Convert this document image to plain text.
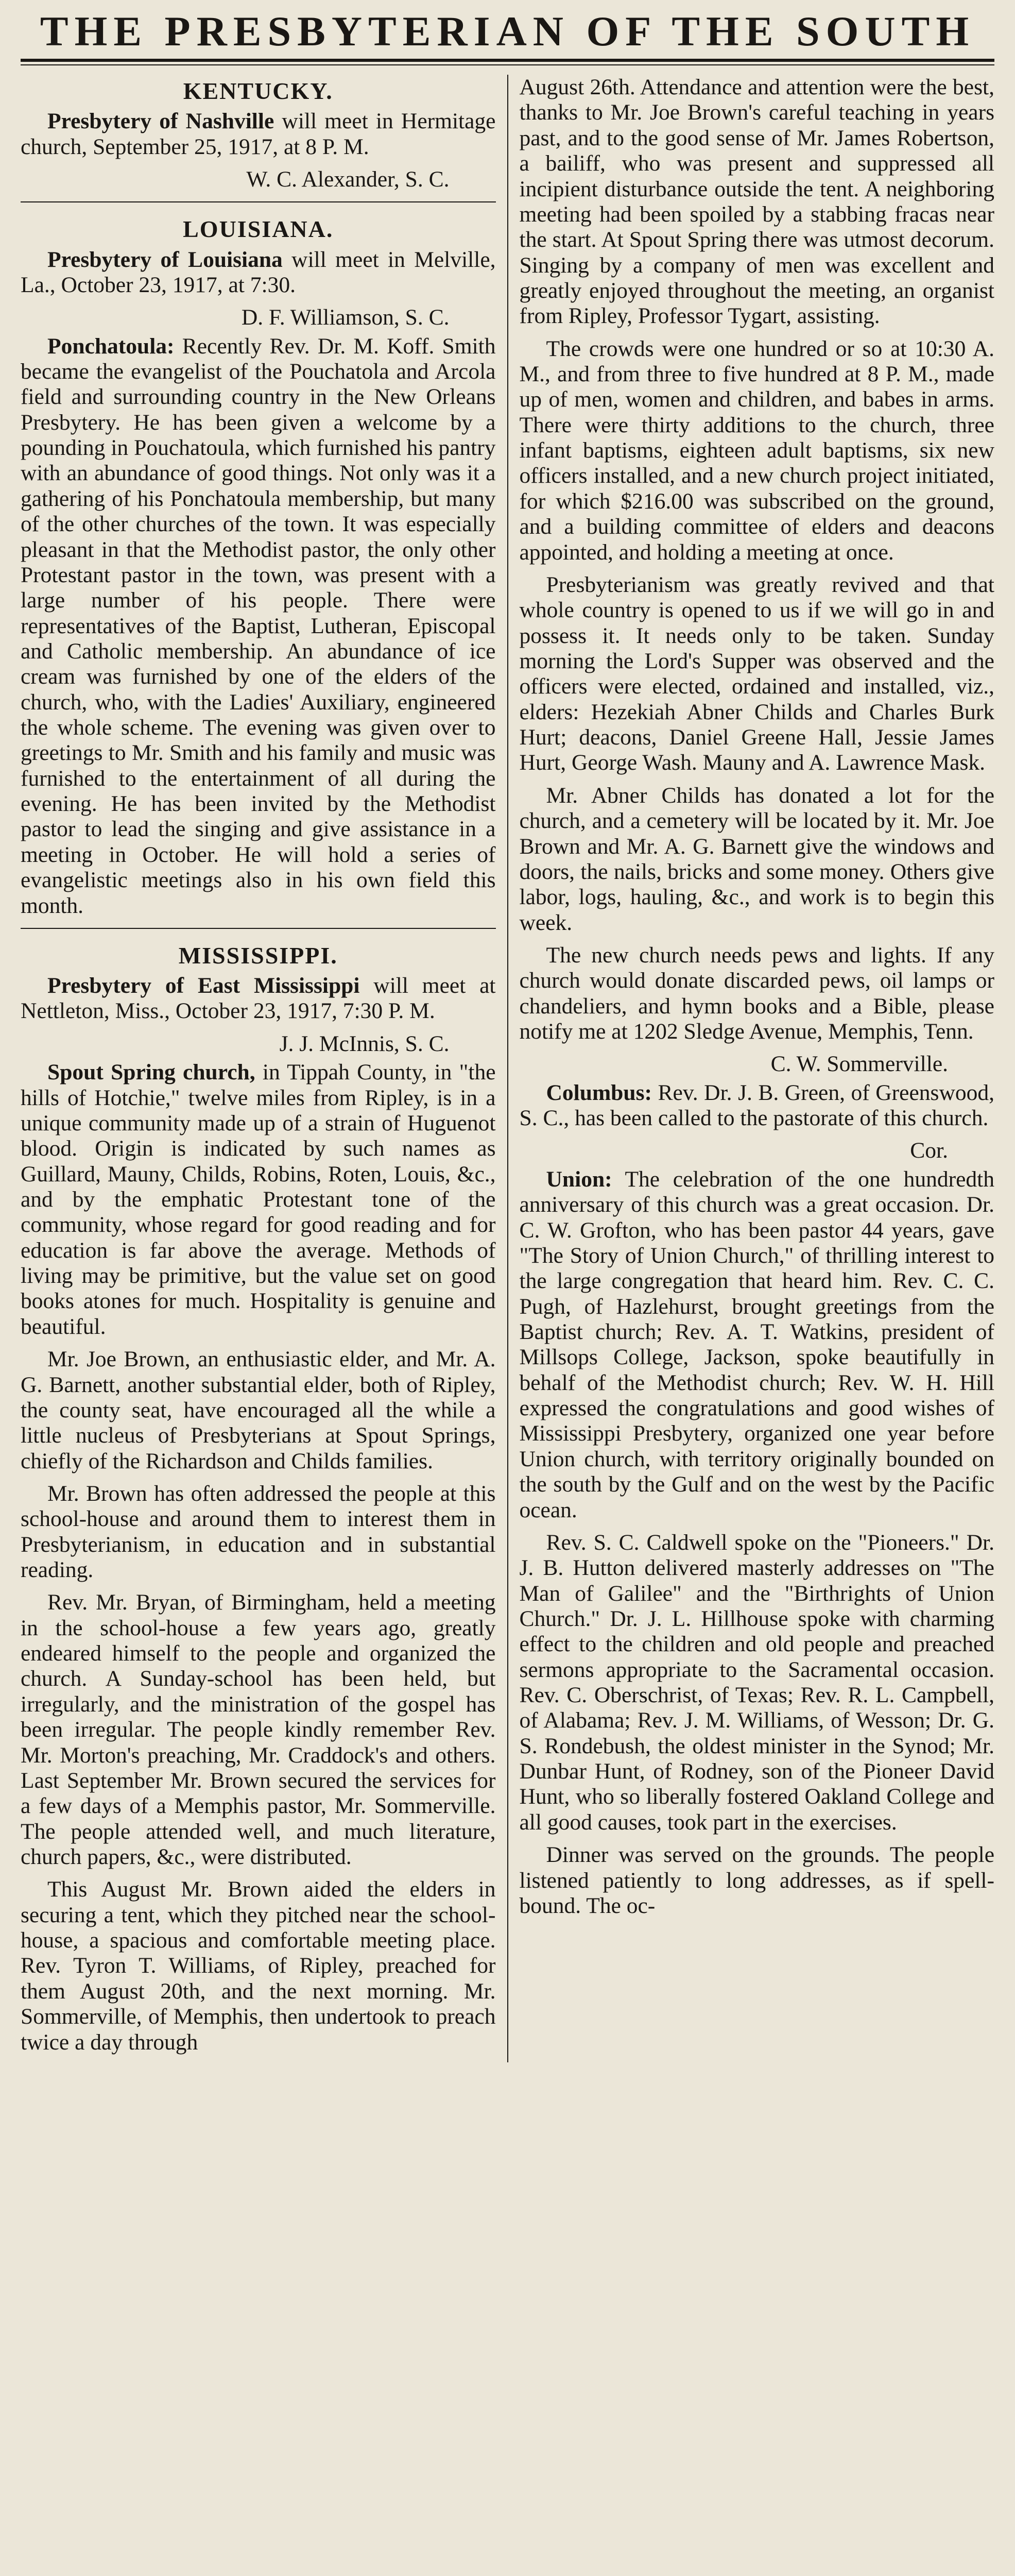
THE PRESBYTERIAN OF THE SOUTH
KENTUCKY.

Presbytery of Nashville will meet in Hermitage church, September 25, 1917, at 8 P. M.

W. C. Alexander, S. C.

LOUISIANA.

Presbytery of Louisiana will meet in Melville, La., October 23, 1917, at 7:30.

D. F. Williamson, S. C.

Ponchatoula: Recently Rev. Dr. M. Koff. Smith became the evangelist of the Pouchatola and Arcola field and surrounding country in the New Orleans Presbytery. He has been given a welcome by a pounding in Pouchatoula, which furnished his pantry with an abundance of good things. Not only was it a gathering of his Ponchatoula membership, but many of the other churches of the town. It was especially pleasant in that the Methodist pastor, the only other Protestant pastor in the town, was present with a large number of his people. There were representatives of the Baptist, Lutheran, Episcopal and Catholic membership. An abundance of ice cream was furnished by one of the elders of the church, who, with the Ladies' Auxiliary, engineered the whole scheme. The evening was given over to greetings to Mr. Smith and his family and music was furnished to the entertainment of all during the evening. He has been invited by the Methodist pastor to lead the singing and give assistance in a meeting in October. He will hold a series of evangelistic meetings also in his own field this month.

MISSISSIPPI.

Presbytery of East Mississippi will meet at Nettleton, Miss., October 23, 1917, 7:30 P. M.

J. J. McInnis, S. C.

Spout Spring church, in Tippah County, in "the hills of Hotchie," twelve miles from Ripley, is in a unique community made up of a strain of Huguenot blood. Origin is indicated by such names as Guillard, Mauny, Childs, Robins, Roten, Louis, &c., and by the emphatic Protestant tone of the community, whose regard for good reading and for education is far above the average. Methods of living may be primitive, but the value set on good books atones for much. Hospitality is genuine and beautiful.

Mr. Joe Brown, an enthusiastic elder, and Mr. A. G. Barnett, another substantial elder, both of Ripley, the county seat, have encouraged all the while a little nucleus of Presbyterians at Spout Springs, chiefly of the Richardson and Childs families.

Mr. Brown has often addressed the people at this school-house and around them to interest them in Presbyterianism, in education and in substantial reading.

Rev. Mr. Bryan, of Birmingham, held a meeting in the school-house a few years ago, greatly endeared himself to the people and organized the church. A Sunday-school has been held, but irregularly, and the ministration of the gospel has been irregular. The people kindly remember Rev. Mr. Morton's preaching, Mr. Craddock's and others. Last September Mr. Brown secured the services for a few days of a Memphis pastor, Mr. Sommerville. The people attended well, and much literature, church papers, &c., were distributed.

This August Mr. Brown aided the elders in securing a tent, which they pitched near the school-house, a spacious and comfortable meeting place. Rev. Tyron T. Williams, of Ripley, preached for them August 20th, and the next morning. Mr. Sommerville, of Memphis, then undertook to preach twice a day through

August 26th. Attendance and attention were the best, thanks to Mr. Joe Brown's careful teaching in years past, and to the good sense of Mr. James Robertson, a bailiff, who was present and suppressed all incipient disturbance outside the tent. A neighboring meeting had been spoiled by a stabbing fracas near the start. At Spout Spring there was utmost decorum. Singing by a company of men was excellent and greatly enjoyed throughout the meeting, an organist from Ripley, Professor Tygart, assisting.

The crowds were one hundred or so at 10:30 A. M., and from three to five hundred at 8 P. M., made up of men, women and children, and babes in arms. There were thirty additions to the church, three infant baptisms, eighteen adult baptisms, six new officers installed, and a new church project initiated, for which $216.00 was subscribed on the ground, and a building committee of elders and deacons appointed, and holding a meeting at once.

Presbyterianism was greatly revived and that whole country is opened to us if we will go in and possess it. It needs only to be taken. Sunday morning the Lord's Supper was observed and the officers were elected, ordained and installed, viz., elders: Hezekiah Abner Childs and Charles Burk Hurt; deacons, Daniel Greene Hall, Jessie James Hurt, George Wash. Mauny and A. Lawrence Mask.

Mr. Abner Childs has donated a lot for the church, and a cemetery will be located by it. Mr. Joe Brown and Mr. A. G. Barnett give the windows and doors, the nails, bricks and some money. Others give labor, logs, hauling, &c., and work is to begin this week.

The new church needs pews and lights. If any church would donate discarded pews, oil lamps or chandeliers, and hymn books and a Bible, please notify me at 1202 Sledge Avenue, Memphis, Tenn.

C. W. Sommerville.

Columbus: Rev. Dr. J. B. Green, of Greenswood, S. C., has been called to the pastorate of this church.

Cor.

Union: The celebration of the one hundredth anniversary of this church was a great occasion. Dr. C. W. Grofton, who has been pastor 44 years, gave "The Story of Union Church," of thrilling interest to the large congregation that heard him. Rev. C. C. Pugh, of Hazlehurst, brought greetings from the Baptist church; Rev. A. T. Watkins, president of Millsops College, Jackson, spoke beautifully in behalf of the Methodist church; Rev. W. H. Hill expressed the congratulations and good wishes of Mississippi Presbytery, organized one year before Union church, with territory originally bounded on the south by the Gulf and on the west by the Pacific ocean.

Rev. S. C. Caldwell spoke on the "Pioneers." Dr. J. B. Hutton delivered masterly addresses on "The Man of Galilee" and the "Birthrights of Union Church." Dr. J. L. Hillhouse spoke with charming effect to the children and old people and preached sermons appropriate to the Sacramental occasion. Rev. C. Oberschrist, of Texas; Rev. R. L. Campbell, of Alabama; Rev. J. M. Williams, of Wesson; Dr. G. S. Rondebush, the oldest minister in the Synod; Mr. Dunbar Hunt, of Rodney, son of the Pioneer David Hunt, who so liberally fostered Oakland College and all good causes, took part in the exercises.

Dinner was served on the grounds. The people listened patiently to long addresses, as if spell-bound. The oc-
